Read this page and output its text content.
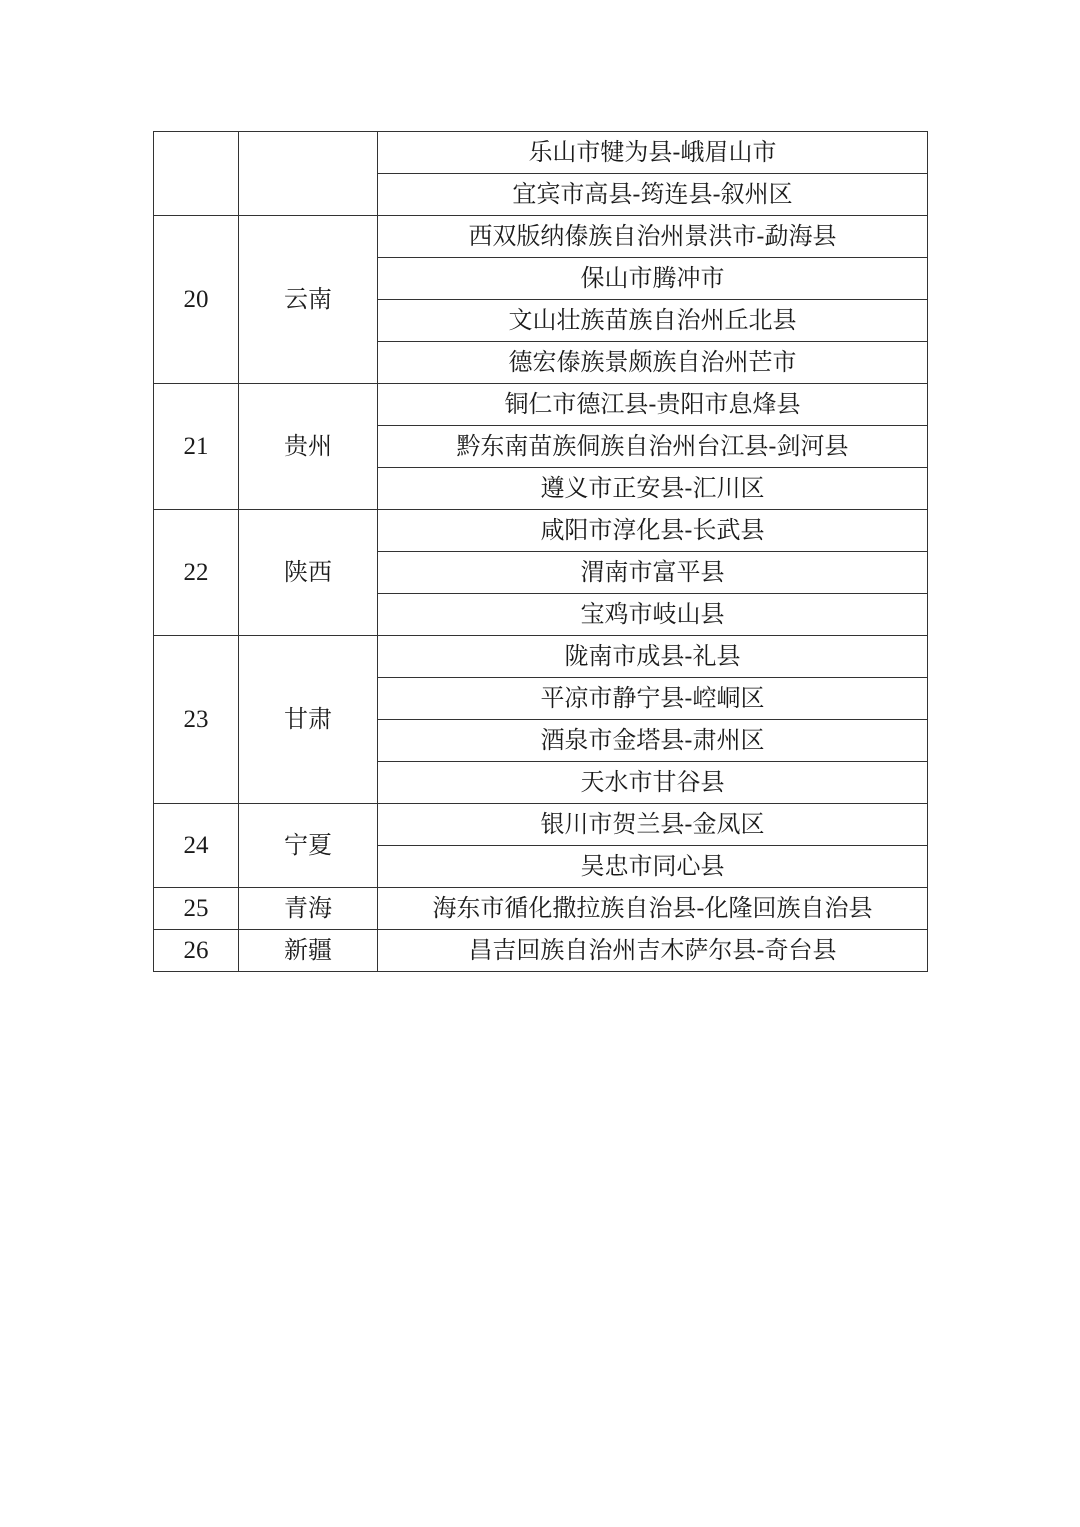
		乐山市犍为县-峨眉山市
		宜宾市高县-筠连县-叙州区
20	云南	西双版纳傣族自治州景洪市-勐海县
		保山市腾冲市
		文山壮族苗族自治州丘北县
		德宏傣族景颇族自治州芒市
21	贵州	铜仁市德江县-贵阳市息烽县
		黔东南苗族侗族自治州台江县-剑河县
		遵义市正安县-汇川区
22	陕西	咸阳市淳化县-长武县
		渭南市富平县
		宝鸡市岐山县
23	甘肃	陇南市成县-礼县
		平凉市静宁县-崆峒区
		酒泉市金塔县-肃州区
		天水市甘谷县
24	宁夏	银川市贺兰县-金凤区
		吴忠市同心县
25	青海	海东市循化撒拉族自治县-化隆回族自治县
26	新疆	昌吉回族自治州吉木萨尔县-奇台县
